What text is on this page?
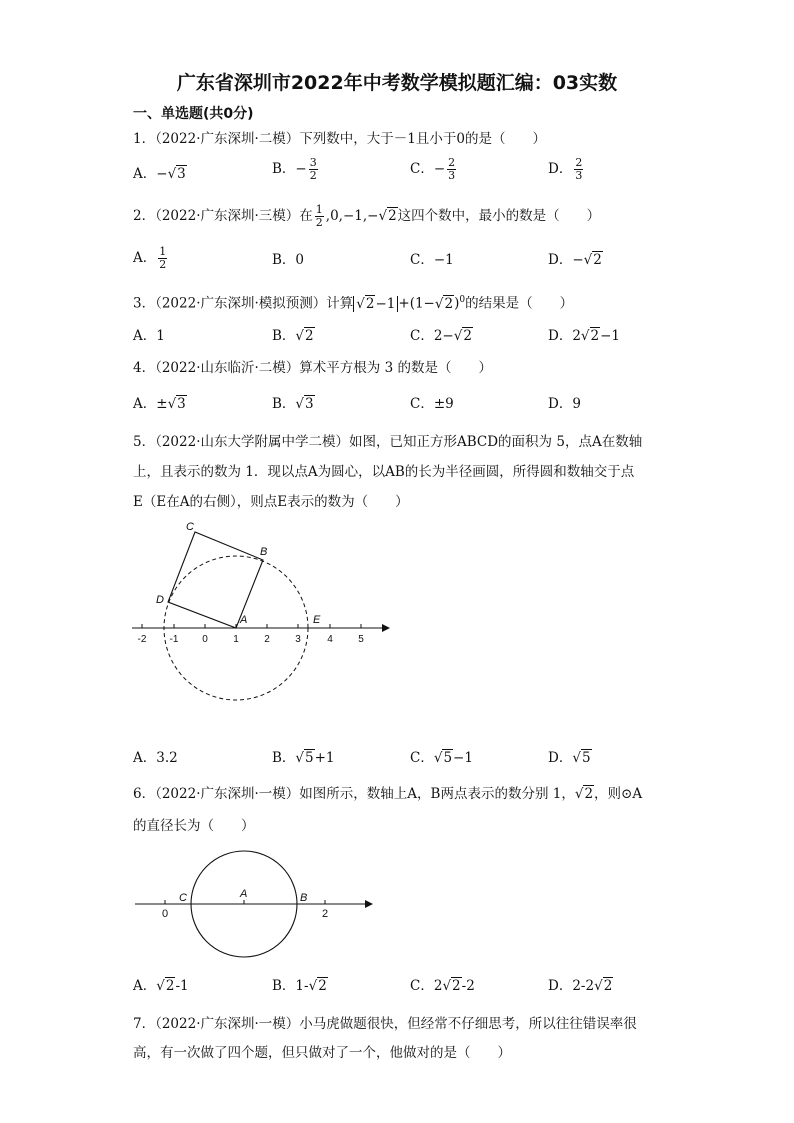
广东省深圳市2022年中考数学模拟题汇编：03实数
一、单选题(共0分)
1．（2022·广东深圳·二模）下列数中，大于－1且小于0的是（　　）
A．−√3	B．− $\frac{3}{2}$	C．− $\frac{2}{3}$	D． $\frac{2}{3}$
2．（2022·广东深圳·三模）在 $\frac{1}{2} ,0,-1,-√2$这四个数中，最小的数是（　　）
A． $\frac{1}{2}$	B．0	C．−1	D．−√2
3．（2022·广东深圳·模拟预测）计算 $√2-1 +(1-√2)^0$的结果是（　　）
A．1	B．√2	C．2−√2	D．2√2−1
4．（2022·山东临沂·二模）算术平方根为 3 的数是（　　）
A．±√3	B．√3	C．±9	D．9
5．（2022·山东大学附属中学二模）如图，已知正方形ABCD的面积为 5，点A在数轴
上，且表示的数为 1．现以点A为圆心，以AB的长为半径画圆，所得圆和数轴交于点
E（E在A的右侧），则点E表示的数为（　　）
-2 -1 0	1	2	3	4	5
A
B
C
D
E
A．3.2	B．√5+1	C．√5−1	D．√5
6．（2022·广东深圳·一模）如图所示，数轴上A，B两点表示的数分别 1，√2，则⊙A
的直径长为（　　）
0	2
A	B
C
A．√2-1	B．1-√2	C．2√2-2	D．2-2√2
7．（2022·广东深圳·一模）小马虎做题很快，但经常不仔细思考，所以往往错误率很
高，有一次做了四个题，但只做对了一个，他做对的是（　　）
